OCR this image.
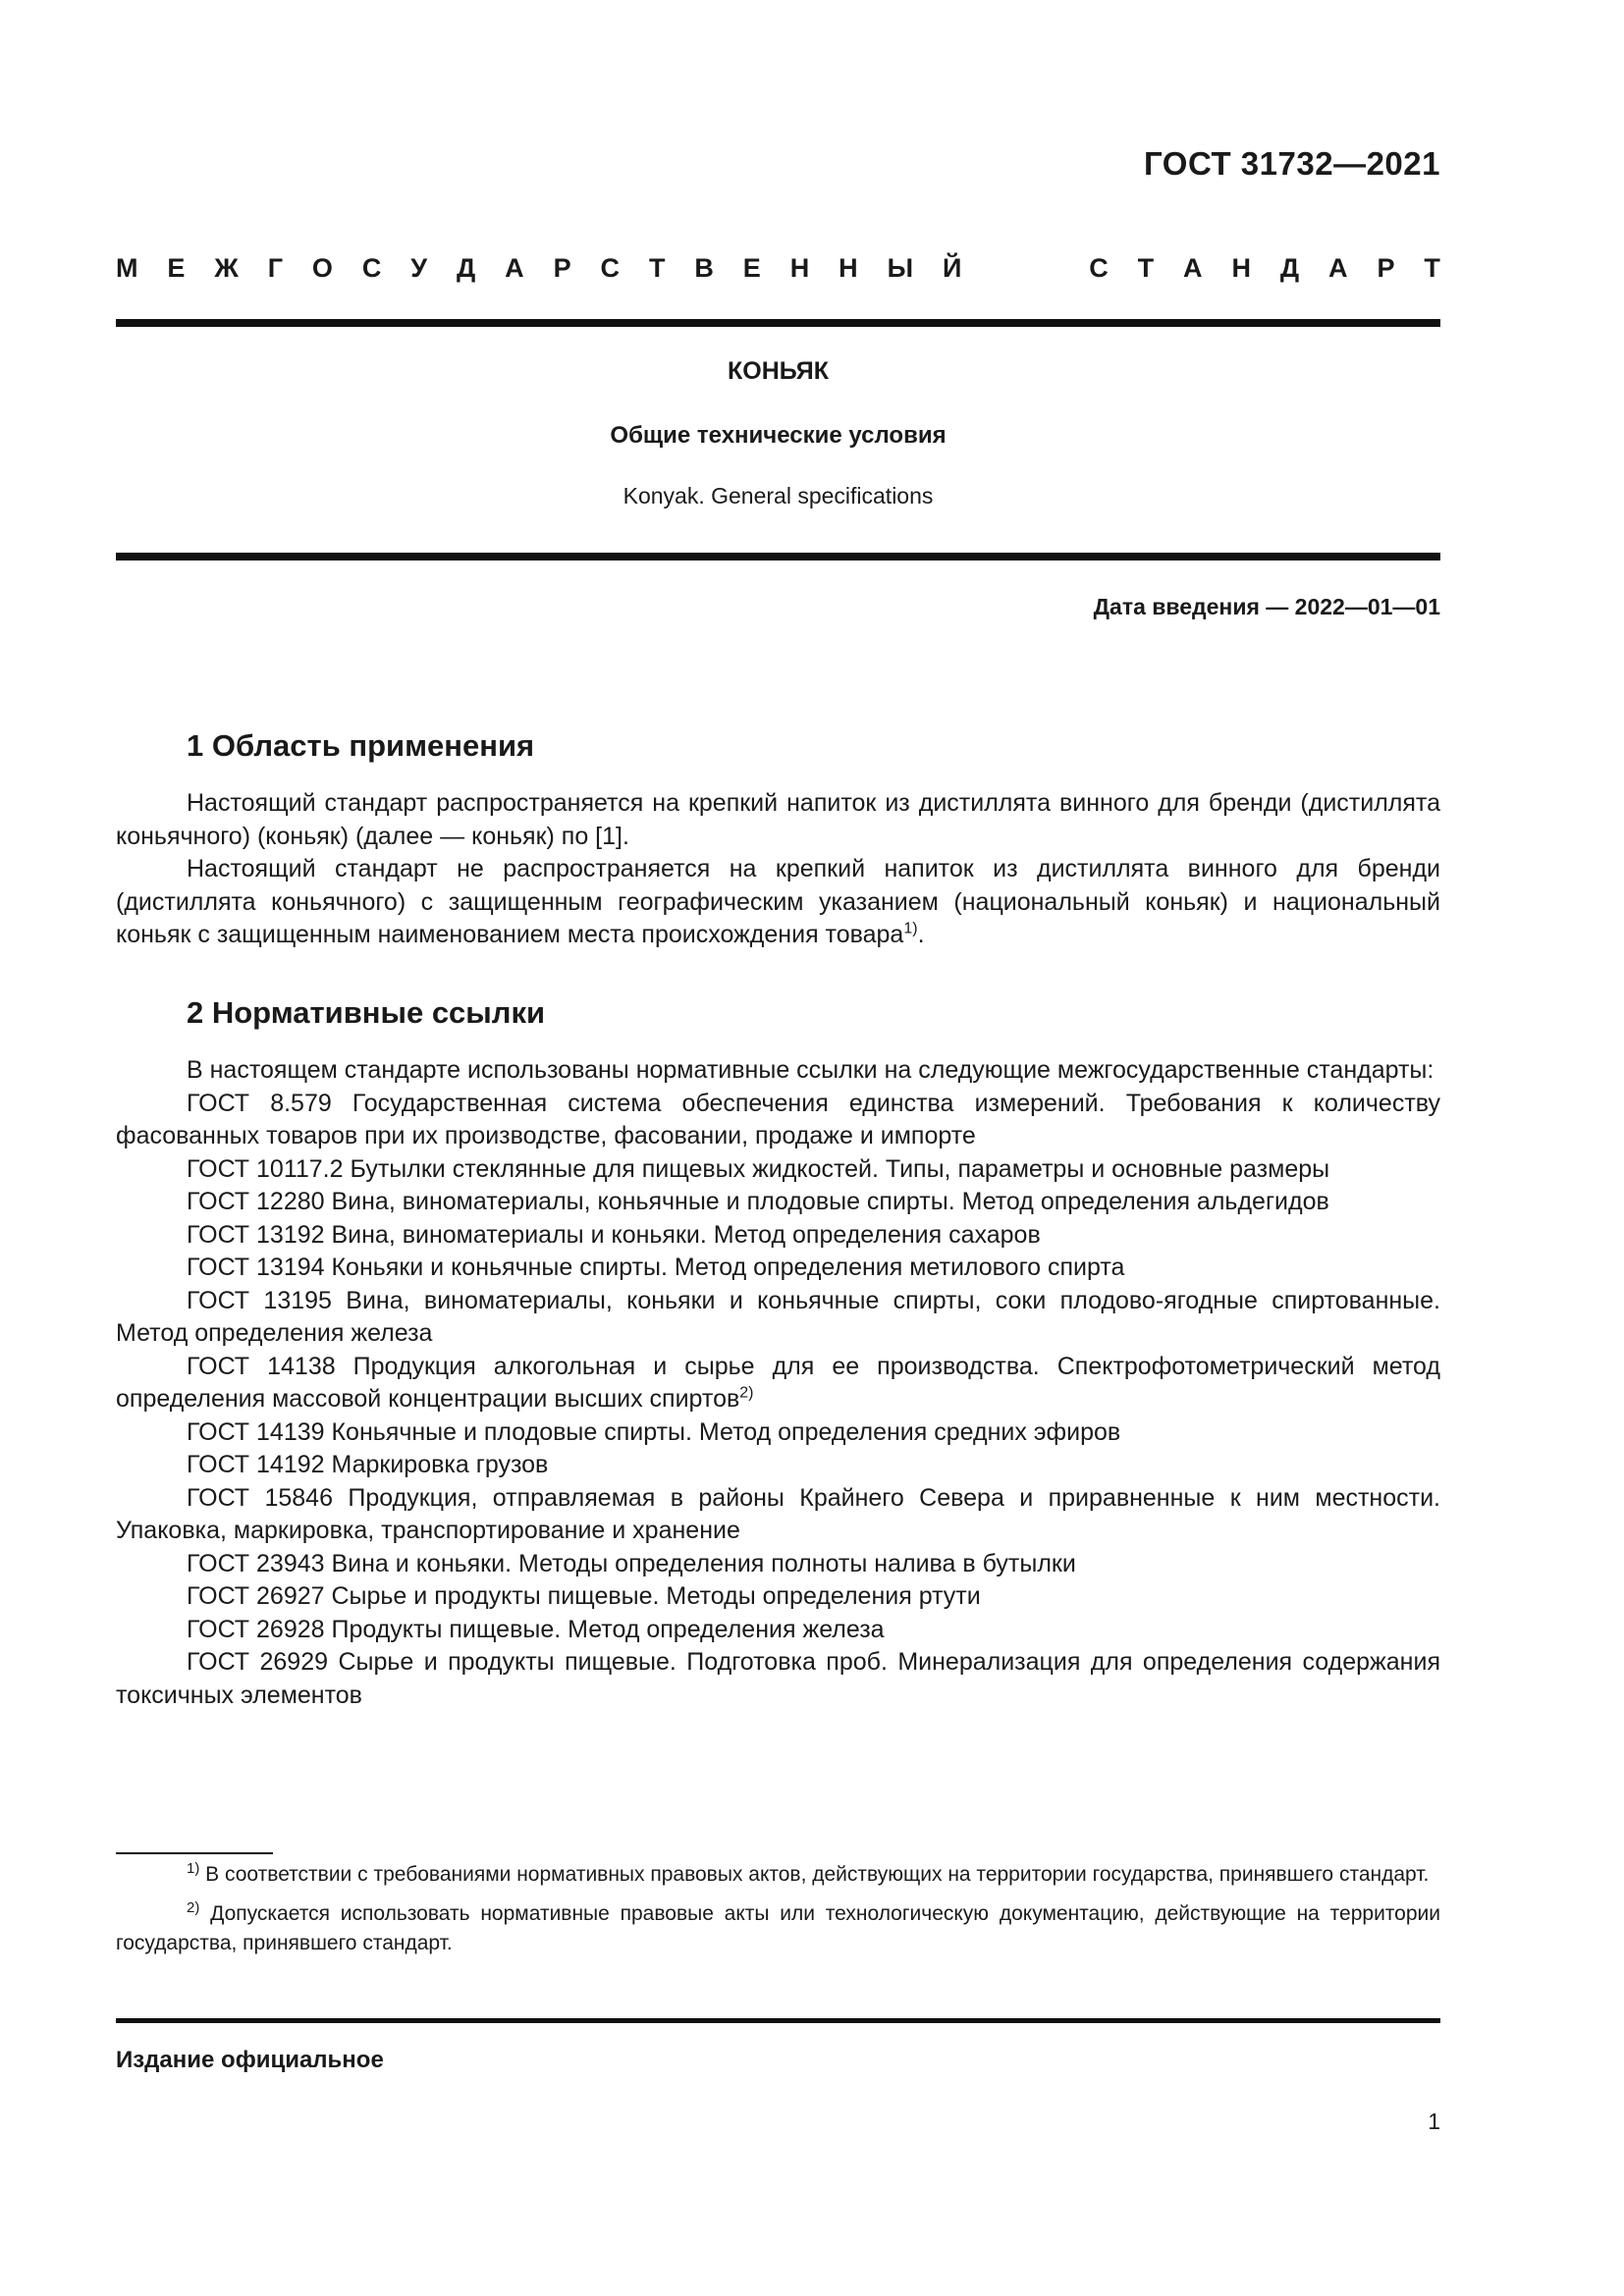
ГОСТ 31732—2021
М Е Ж Г О С У Д А Р С Т В Е Н Н Ы Й	С Т А Н Д А Р Т
КОНЬЯК
Общие технические условия
Konyak. General specifications
Дата введения — 2022—01—01
1 Область применения

Настоящий стандарт распространяется на крепкий напиток из дистиллята винного для бренди (дистиллята коньячного) (коньяк) (далее — коньяк) по [1].

Настоящий стандарт не распространяется на крепкий напиток из дистиллята винного для бренди (дистиллята коньячного) с защищенным географическим указанием (национальный коньяк) и национальный коньяк с защищенным наименованием места происхождения товара$^{1)}$.

2 Нормативные ссылки

В настоящем стандарте использованы нормативные ссылки на следующие межгосударственные стандарты:

ГОСТ 8.579 Государственная система обеспечения единства измерений. Требования к количеству фасованных товаров при их производстве, фасовании, продаже и импорте

ГОСТ 10117.2 Бутылки стеклянные для пищевых жидкостей. Типы, параметры и основные размеры

ГОСТ 12280 Вина, виноматериалы, коньячные и плодовые спирты. Метод определения альдегидов

ГОСТ 13192 Вина, виноматериалы и коньяки. Метод определения сахаров

ГОСТ 13194 Коньяки и коньячные спирты. Метод определения метилового спирта

ГОСТ 13195 Вина, виноматериалы, коньяки и коньячные спирты, соки плодово-ягодные спиртованные. Метод определения железа

ГОСТ 14138 Продукция алкогольная и сырье для ее производства. Спектрофотометрический метод определения массовой концентрации высших спиртов$^{2)}$

ГОСТ 14139 Коньячные и плодовые спирты. Метод определения средних эфиров

ГОСТ 14192 Маркировка грузов

ГОСТ 15846 Продукция, отправляемая в районы Крайнего Севера и приравненные к ним местности. Упаковка, маркировка, транспортирование и хранение

ГОСТ 23943 Вина и коньяки. Методы определения полноты налива в бутылки

ГОСТ 26927 Сырье и продукты пищевые. Методы определения ртути

ГОСТ 26928 Продукты пищевые. Метод определения железа

ГОСТ 26929 Сырье и продукты пищевые. Подготовка проб. Минерализация для определения содержания токсичных элементов

$^{1)}$ В соответствии с требованиями нормативных правовых актов, действующих на территории государства, принявшего стандарт.

$^{2)}$ Допускается использовать нормативные правовые акты или технологическую документацию, действующие на территории государства, принявшего стандарт.

Издание официальное
1
